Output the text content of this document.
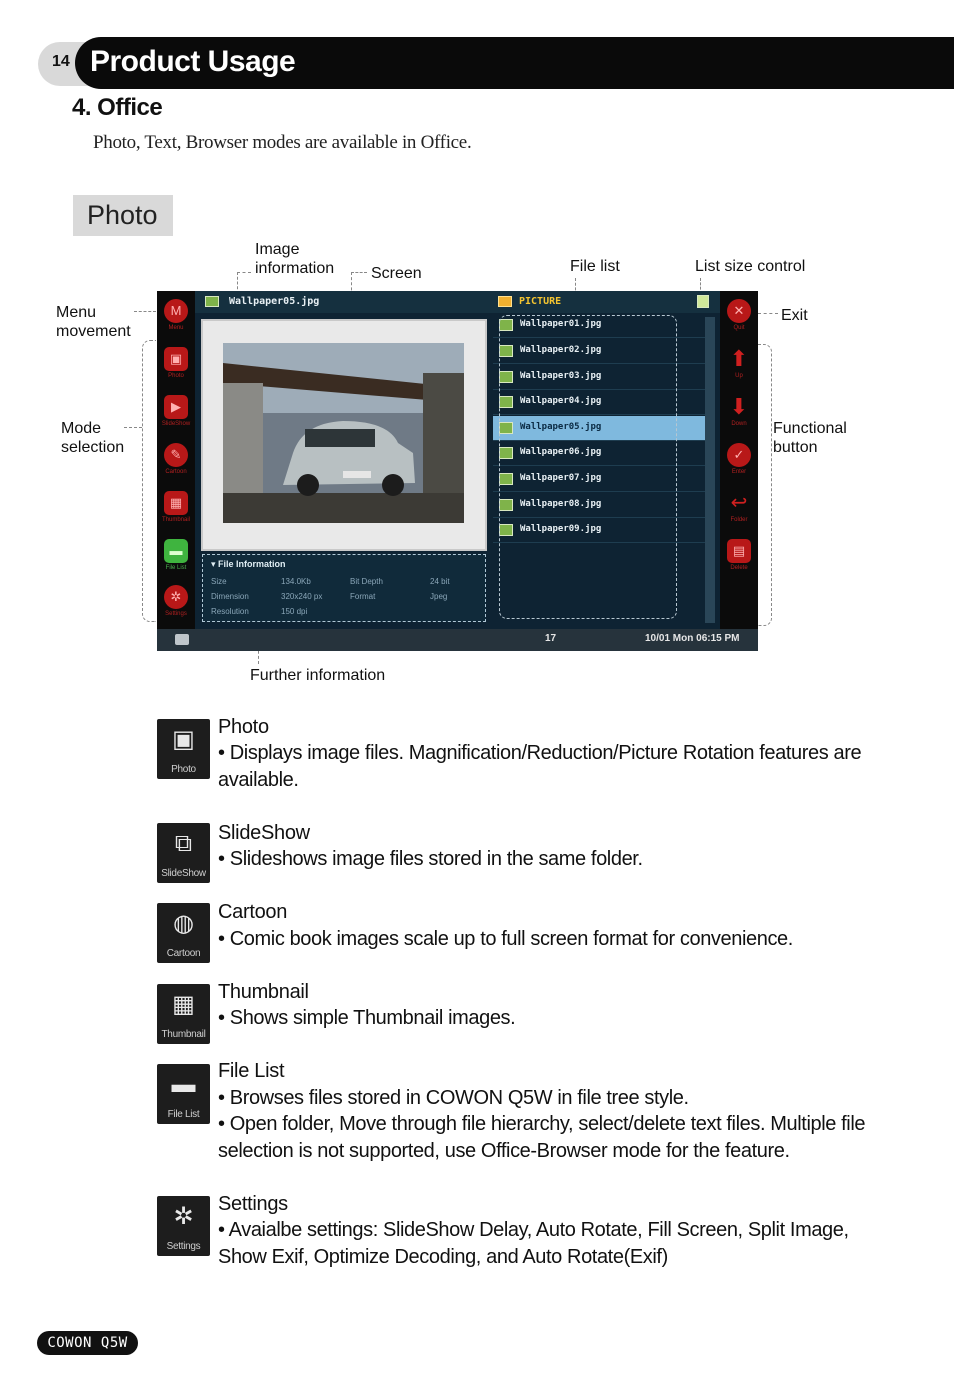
14 Product Usage
4. Office
Photo, Text, Browser modes are available in Office.
Photo
Image
information Screen	File list	List size control
Menu
movement
Exit
Mode
selection
Functional
button
Further information
Wallpaper05.jpg	PICTURE
M
Menu
▣
Photo
▶
SlideShow
✎
Cartoon
▦
Thumbnail
▬
File List
✲
Settings
✕
Quit
⬆
Up
⬇
Down
✓
Enter
↩
Folder
▤
Delete
▾ File Information
Size	134.0Kb	Bit Depth	24 bit
Dimension	320x240 px	Format	Jpeg
Resolution	150 dpi
Wallpaper01.jpg
Wallpaper02.jpg
Wallpaper03.jpg
Wallpaper04.jpg
Wallpaper05.jpg
Wallpaper06.jpg
Wallpaper07.jpg
Wallpaper08.jpg
Wallpaper09.jpg
17	10/01 Mon 06:15 PM
▣
Photo
Photo
• Displays image files. Magnification/Reduction/Picture Rotation features are available.
⧉
SlideShow
SlideShow
• Slideshows image files stored in the same folder.
◍
Cartoon
Cartoon
• Comic book images scale up to full screen format for convenience.
▦
Thumbnail
Thumbnail
• Shows simple Thumbnail images.
▬
File List
File List
• Browses files stored in COWON Q5W in file tree style.
• Open folder, Move through file hierarchy, select/delete text files. Multiple file selection is not supported, use Office-Browser mode for the feature.
✲
Settings
Settings
• Avaialbe settings: SlideShow Delay, Auto Rotate, Fill Screen, Split Image, Show Exif, Optimize Decoding, and Auto Rotate(Exif)
COWON Q5W
